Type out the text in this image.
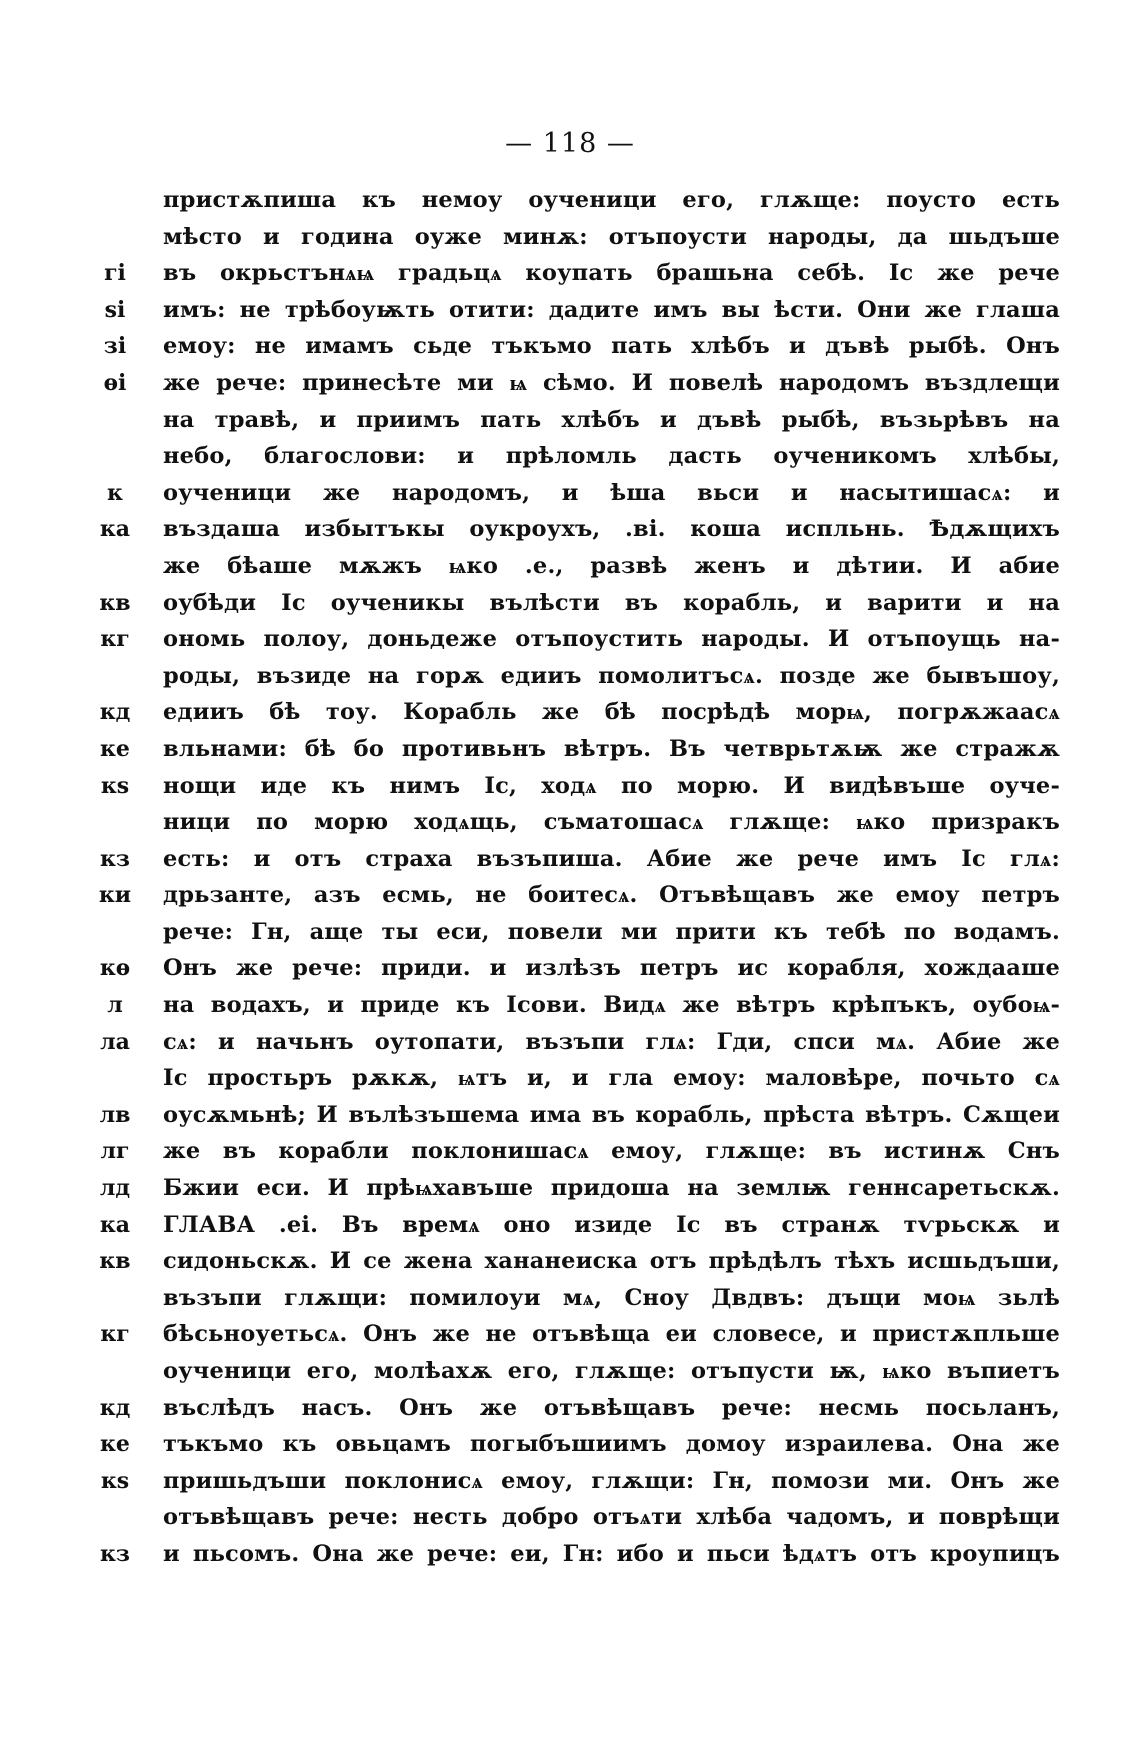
— 118 —
пристѫпиша къ немоу оученици его, глѫще: поусто есть
мѣсто и година оуже минѫ: отъпоусти народы, да шьдъше
гі	въ окрьстънѧѩ градьцѧ коупать брашьна себѣ. Іс же рече
ѕі	имъ: не трѣбоуѭть отити: дадите имъ вы ѣсти. Они же глаша
зі	емоу: не имамъ сьде тъкъмо пать хлѣбъ и дъвѣ рыбѣ. Онъ
ѳі	же рече: принесѣте ми ѩ сѣмо. И повелѣ народомъ въздлещи
на травѣ, и приимъ пать хлѣбъ и дъвѣ рыбѣ, възьрѣвъ на
небо, благослови: и прѣломль дасть оученикомъ хлѣбы,
к	оученици же народомъ, и ѣша вьси и насытишасѧ: и
ка	въздаша избытъкы оукроухъ, .ві. коша испльнь. Ѣдѫщихъ
же бѣаше мѫжъ ѩко .е., развѣ женъ и дѣтии. И абие
кв	оубѣди Іс оученикы вълѣсти въ корабль, и варити и на
кг	ономь полоу, доньдеже отъпоустить народы. И отъпоущь на-
роды, възиде на горѫ едииъ помолитъсѧ. позде же бывъшоу,
кд	едииъ бѣ тоу. Корабль же бѣ посрѣдѣ морѩ, погрѫжаасѧ
ке	вльнами: бѣ бо противьнъ вѣтръ. Въ четврьтѫѭ же стражѫ
кѕ	нощи иде къ нимъ Іс, ходѧ по морю. И видѣвъше оуче-
ници по морю ходѧщь, съматошасѧ глѫще: ѩко призракъ
кз	есть: и отъ страха възъпиша. Абие же рече имъ Іс глѧ:
ки	дрьзанте, азъ есмь, не боитесѧ. Отъвѣщавъ же емоу петръ
рече: Гн, аще ты еси, повели ми прити къ тебѣ по водамъ.
кѳ	Онъ же рече: приди. и излѣзъ петръ ис корабля, хождааше
л	на водахъ, и приде къ Ісови. Видѧ же вѣтръ крѣпъкъ, оубоѩ-
ла	сѧ: и начьнъ оутопати, възъпи глѧ: Гди, спси мѧ. Абие же
Іс простьръ рѫкѫ, ѩтъ и, и гла емоу: маловѣре, почьто сѧ
лв	оусѫмьнѣ; И вълѣзъшема има въ корабль, прѣста вѣтръ. Сѫщеи
лг	же въ корабли поклонишасѧ емоу, глѫще: въ истинѫ Снъ
лд	Бжии еси. И прѣѩхавъше придоша на землѭ геннсаретьскѫ.
ка	ГЛАВА .еі. Въ времѧ оно изиде Іс въ странѫ тѵрьскѫ и
кв	сидоньскѫ. И се жена хананеиска отъ прѣдѣлъ тѣхъ исшьдъши,
възъпи глѫщи: помилоуи мѧ, Сноу Двдвъ: дъщи моѩ зьлѣ
кг	бѣсьноуетьсѧ. Онъ же не отъвѣща еи словесе, и пристѫпльше
оученици его, молѣахѫ его, глѫще: отъпусти ѭ, ѩко въпиетъ
кд	въслѣдъ насъ. Онъ же отъвѣщавъ рече: несмь посьланъ,
ке	тъкъмо къ овьцамъ погыбъшиимъ домоу израилева. Она же
кѕ	пришьдъши поклонисѧ емоу, глѫщи: Гн, помози ми. Онъ же
отъвѣщавъ рече: несть добро отъѧти хлѣба чадомъ, и поврѣщи
кз	и пьсомъ. Она же рече: еи, Гн: ибо и пьси ѣдѧтъ отъ кроупицъ
